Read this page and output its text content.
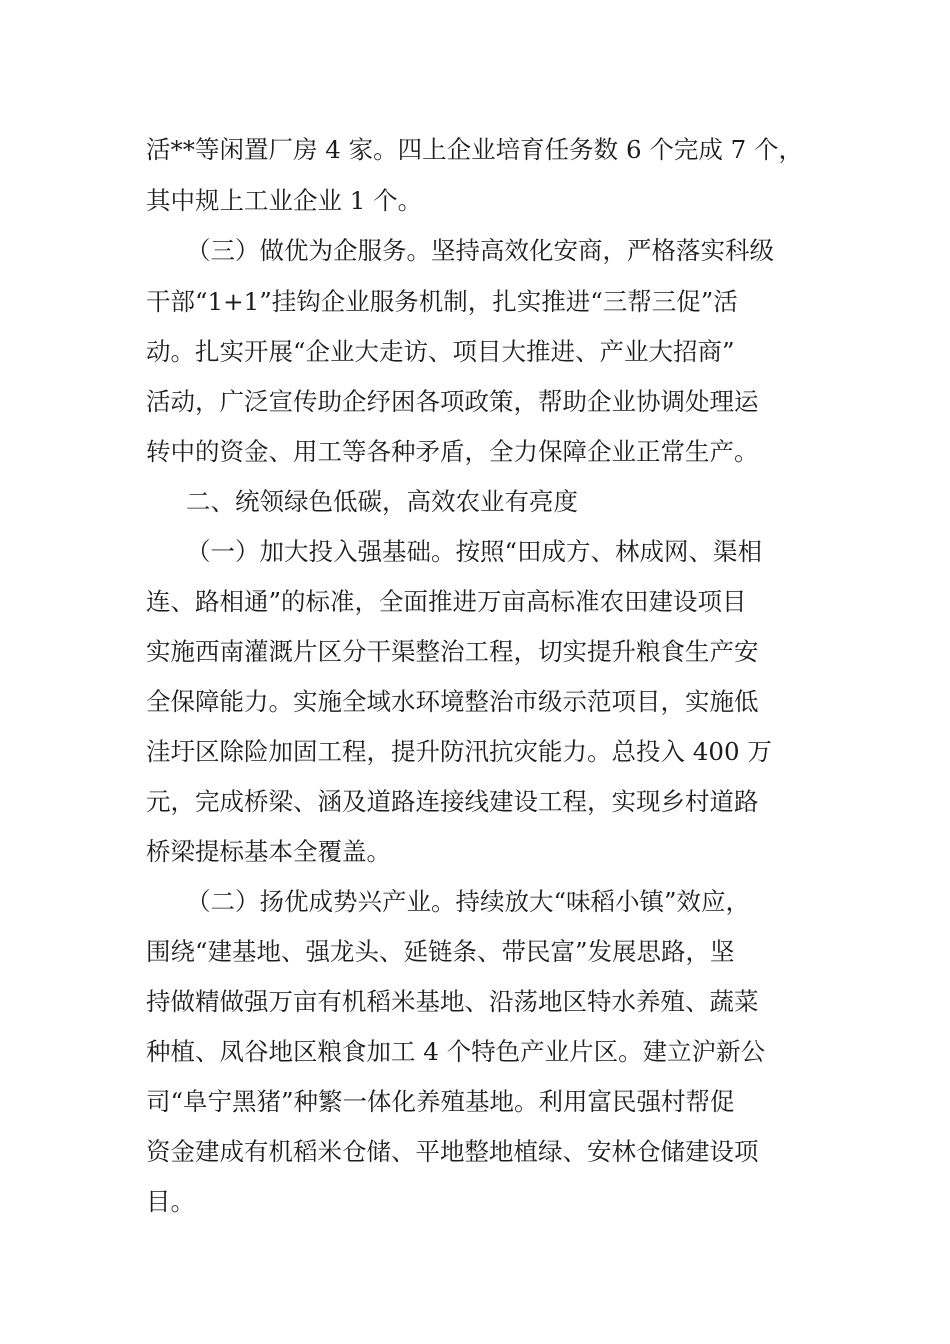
活**等闲置厂房 4 家。四上企业培育任务数 6 个完成 7 个，
其中规上工业企业 1 个。
（三）做优为企服务。坚持高效化安商，严格落实科级
干部“1+1”挂钩企业服务机制，扎实推进“三帮三促”活
动。扎实开展“企业大走访、项目大推进、产业大招商”
活动，广泛宣传助企纾困各项政策，帮助企业协调处理运
转中的资金、用工等各种矛盾，全力保障企业正常生产。
二、统领绿色低碳，高效农业有亮度
（一）加大投入强基础。按照“田成方、林成网、渠相
连、路相通”的标准，全面推进万亩高标准农田建设项目
实施西南灌溉片区分干渠整治工程，切实提升粮食生产安
全保障能力。实施全域水环境整治市级示范项目，实施低
洼圩区除险加固工程，提升防汛抗灾能力。总投入 400 万
元，完成桥梁、涵及道路连接线建设工程，实现乡村道路
桥梁提标基本全覆盖。
（二）扬优成势兴产业。持续放大“味稻小镇”效应，
围绕“建基地、强龙头、延链条、带民富”发展思路，坚
持做精做强万亩有机稻米基地、沿荡地区特水养殖、蔬菜
种植、凤谷地区粮食加工 4 个特色产业片区。建立沪新公
司“阜宁黑猪”种繁一体化养殖基地。利用富民强村帮促
资金建成有机稻米仓储、平地整地植绿、安林仓储建设项
目。
